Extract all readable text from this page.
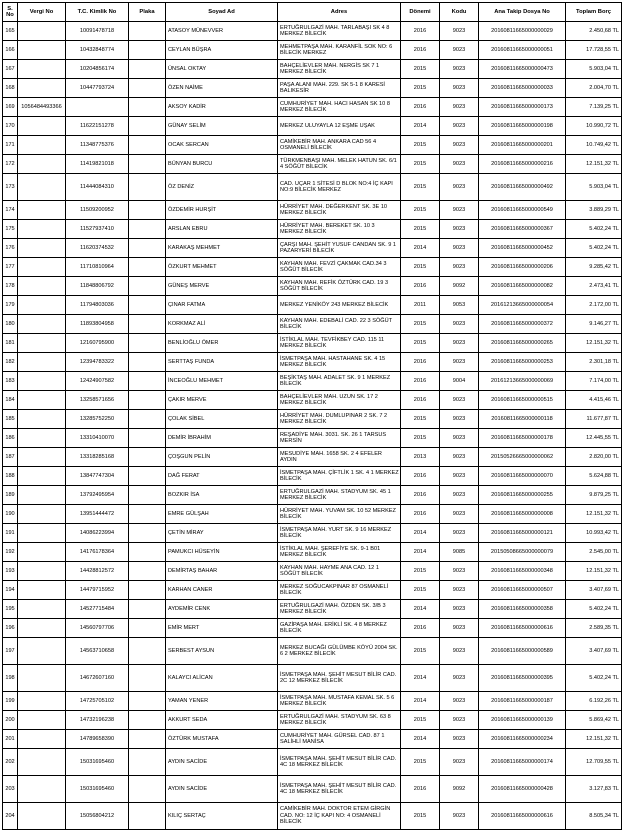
S. No	Vergi No	T.C. Kimlik No	Plaka	Soyad Ad	Adres	Dönemi	Kodu	Ana Takip Dosya No	Toplam Borç
165		10091478718		ATASOY MÜNEVVER	ERTUĞRULGAZİ MAH. TARLABAŞI SK 4 8 MERKEZ BİLECİK	2016	9023	20160811665000000029	2.450,68 TL
166		10432848774		CEYLAN BÜŞRA	MEHMETPAŞA MAH. KARANFİL SOK NO: 6 BİLECİK MERKEZ	2016	9023	20160811665000000051	17.728,55 TL
167		10204856174		ÜNSAL OKTAY	BAHÇELİEVLER MAH. NERGİS SK 7 1 MERKEZ BİLECİK	2015	9023	20160811665000000473	5.903,04 TL
168		10447793724		ÖZEN NAİME	PAŞA ALANI MAH. 229. SK 5-1 8 KARESİ BALIKESİR	2015	9023	20160811665000000033	2.004,70 TL
169	1056484493366			AKSOY KADİR	CUMHURİYET MAH. HACI HASAN SK 10 8 MERKEZ BİLECİK	2016	9023	20160811665000000173	7.139,25 TL
170		11622151278		GÜNAY SELİM	MERKEZ ULUYAYLA 12 EŞME UŞAK	2014	9023	20160811665000000198	10.990,72 TL
171		11348775376		OCAK SERCAN	CAMİKEBİR MAH. ANKARA CAD 56 4 OSMANELİ BİLECİK	2015	9023	20160811665000000201	10.749,42 TL
172		11419821018		BÜNYAN BURCU	TÜRKMENBAŞI MAH. MELEK HATUN SK. 6/1 4 SÖĞÜT BİLECİK	2015	9023	20160811665000000216	12.151,32 TL
173		11444084310		ÖZ DENİZ	CAD. UÇAR 1 SİTESİ D BLOK NO:4 İÇ KAPI NO:9 BİLECİK MERKEZ	2015	9023	20160811665000000492	5.903,04 TL
174		11509200952		ÖZDEMİR HURŞİT	HÜRRİYET MAH. DEĞERKENT SK. 3E 10 MERKEZ BİLECİK	2015	9023	20160811665000000549	3.889,29 TL
175		11527937410		ARSLAN EBRU	HÜRRİYET MAH. BEREKET SK. 10 3 MERKEZ BİLECİK	2015	9023	20160811665000000367	5.402,24 TL
176		11620374532		KARAKAŞ MEHMET	ÇARŞI MAH. ŞEHİT YUSUF CANDAN SK. 9 1 PAZARYERİ BİLECİK	2014	9023	20160811665000000452	5.402,24 TL
177		11710810964		ÖZKURT MEHMET	KAYHAN MAH. FEVZİ ÇAKMAK CAD.34 3 SÖĞÜT BİLECİK	2015	9023	20160811665000000206	9.285,42 TL
178		11848806792		GÜNEŞ MERVE	KAYHAN MAH. REFİK ÖZTÜRK CAD. 19 3 SÖĞÜT BİLECİK	2016	9092	20160811665000000082	2.473,41 TL
179		11794803036		ÇINAR FATMA	MERKEZ YENİKÖY 243 MERKEZ BİLECİK	2011	9053	20161213665000000054	2.172,00 TL
180		11893804958		KORKMAZ ALİ	KAYHAN MAH. EDEBALİ CAD. 22 3 SÖĞÜT BİLECİK	2015	9023	20160811665000000372	9.146,27 TL
181		12160795900		BENLİOĞLU ÖMER	İSTİKLAL MAH. TEVFİKBEY CAD. 115 11 MERKEZ BİLECİK	2015	9023	20160811665000000265	12.151,32 TL
182		12394783322		SERTTAŞ FUNDA	İSMETPAŞA MAH. HASTAHANE SK. 4 15 MERKEZ BİLECİK	2016	9023	20160811665000000253	2.301,18 TL
183		12424907582		İNCEOĞLU MEHMET	BEŞİKTAŞ MAH. ADALET SK. 9 1 MERKEZ BİLECİK	2016	9004	20161213665000000069	7.174,00 TL
184		13258571656		ÇAKIR MERVE	BAHÇELİEVLER MAH. UZUN SK. 17 2 MERKEZ BİLECİK	2016	9023	20160811665000000515	4.415,46 TL
185		13285752250		ÇOLAK SİBEL	HÜRRİYET MAH. DUMLUPINAR 2 SK. 7 2 MERKEZ BİLECİK	2015	9023	20160811665000000118	11.677,87 TL
186		13310410070		DEMİR İBRAHİM	REŞADİYE MAH. 3031. SK. 26 1 TARSUS MERSİN	2015	9023	20160811665000000178	12.445,55 TL
187		13318285168		ÇOŞGUN PELİN	MESUDİYE MAH. 1658 SK. 2 4 EFELER AYDIN	2013	9023	20150526665000000062	2.820,00 TL
188		13847747304		DAĞ FERAT	İSMETPAŞA MAH. ÇİFTLİK 1 SK. 4 1 MERKEZ BİLECİK	2016	9023	20160811665000000070	5.624,88 TL
189		13792495954		BOZKIR İSA	ERTUĞRULGAZİ MAH. STADYUM SK. 45 1 MERKEZ BİLECİK	2016	9023	20160811665000000255	9.879,25 TL
190		13951444472		EMRE GÜLŞAH	HÜRRİYET MAH. YUVAM SK. 10 52 MERKEZ BİLECİK	2016	9023	20160811665000000008	12.151,32 TL
191		14086223994		ÇETİN MİRAY	İSMETPAŞA MAH. YURT SK. 9 16 MERKEZ BİLECİK	2014	9023	20160811665000000121	10.993,42 TL
192		14176178364		PAMUKCI HÜSEYİN	İSTİKLAL MAH. ŞEREFİYE SK. 9-1 B01 MERKEZ BİLECİK	2014	9085	20150508665000000079	2.545,00 TL
193		14428812572		DEMİRTAŞ BAHAR	KAYHAN MAH. HAYME ANA CAD. 12 1 SÖĞÜT BİLECİK	2015	9023	20160811665000000348	12.151,32 TL
194		14479715952		KARHAN CANER	MERKEZ SOĞUCAKPINAR 87 OSMANELİ BİLECİK	2015	9023	20160811665000000507	3.407,69 TL
195		14527715484		AYDEMİR CENK	ERTUĞRULGAZİ MAH. ÖZDEN SK. 3/B 3 MERKEZ BİLECİK	2014	9023	20160811665000000358	5.402,24 TL
196		14560797706		EMİR MERT	GAZİPAŞA MAH. ERİKLİ SK. 4 8 MERKEZ BİLECİK	2016	9023	20160811665000000616	2.589,35 TL
197		14563710658		SERBEST AYSUN	MERKEZ BUCAĞI GÜLÜMBE KÖYÜ 2004 SK. 6 2 MERKEZ BİLECİK	2015	9023	20160811665000000589	3.407,69 TL
198		14672607160		KALAYCI ALİCAN	İSMETPAŞA MAH. ŞEHİT MESUT BİLİR CAD. 2C 12 MERKEZ BİLECİK	2014	9023	20160811665000000395	5.402,24 TL
199		14725705102		YAMAN YENER	İSMETPAŞA MAH. MUSTAFA KEMAL SK. 5 6 MERKEZ BİLECİK	2014	9023	20160811665000000187	6.192,26 TL
200		14732196238		AKKURT SEDA	ERTUĞRULGAZİ MAH. STADYUM SK. 63 8 MERKEZ BİLECİK	2015	9023	20160811665000000139	5.869,42 TL
201		14789658390		ÖZTÜRK MUSTAFA	CUMHURİYET MAH. GÜRSEL CAD. 87 1 SALİHLİ MANİSA	2014	9023	20160811665000000234	12.151,32 TL
202		15031695460		AYDIN SACİDE	İSMETPAŞA MAH. ŞEHİT MESUT BİLİR CAD. 4C 18 MERKEZ BİLECİK	2015	9023	20160811665000000174	12.709,55 TL
203		15031695460		AYDIN SACİDE	İSMETPAŞA MAH. ŞEHİT MESUT BİLİR CAD. 4C 18 MERKEZ BİLECİK	2016	9092	20160811665000000428	3.127,83 TL
204		15056804212		KILIÇ SERTAÇ	CAMİKEBİR MAH. DOKTOR ETEM GİRGİN CAD. NO: 12 İÇ KAPI NO: 4 OSMANELİ BİLECİK	2015	9023	20160811665000000616	8.505,34 TL
